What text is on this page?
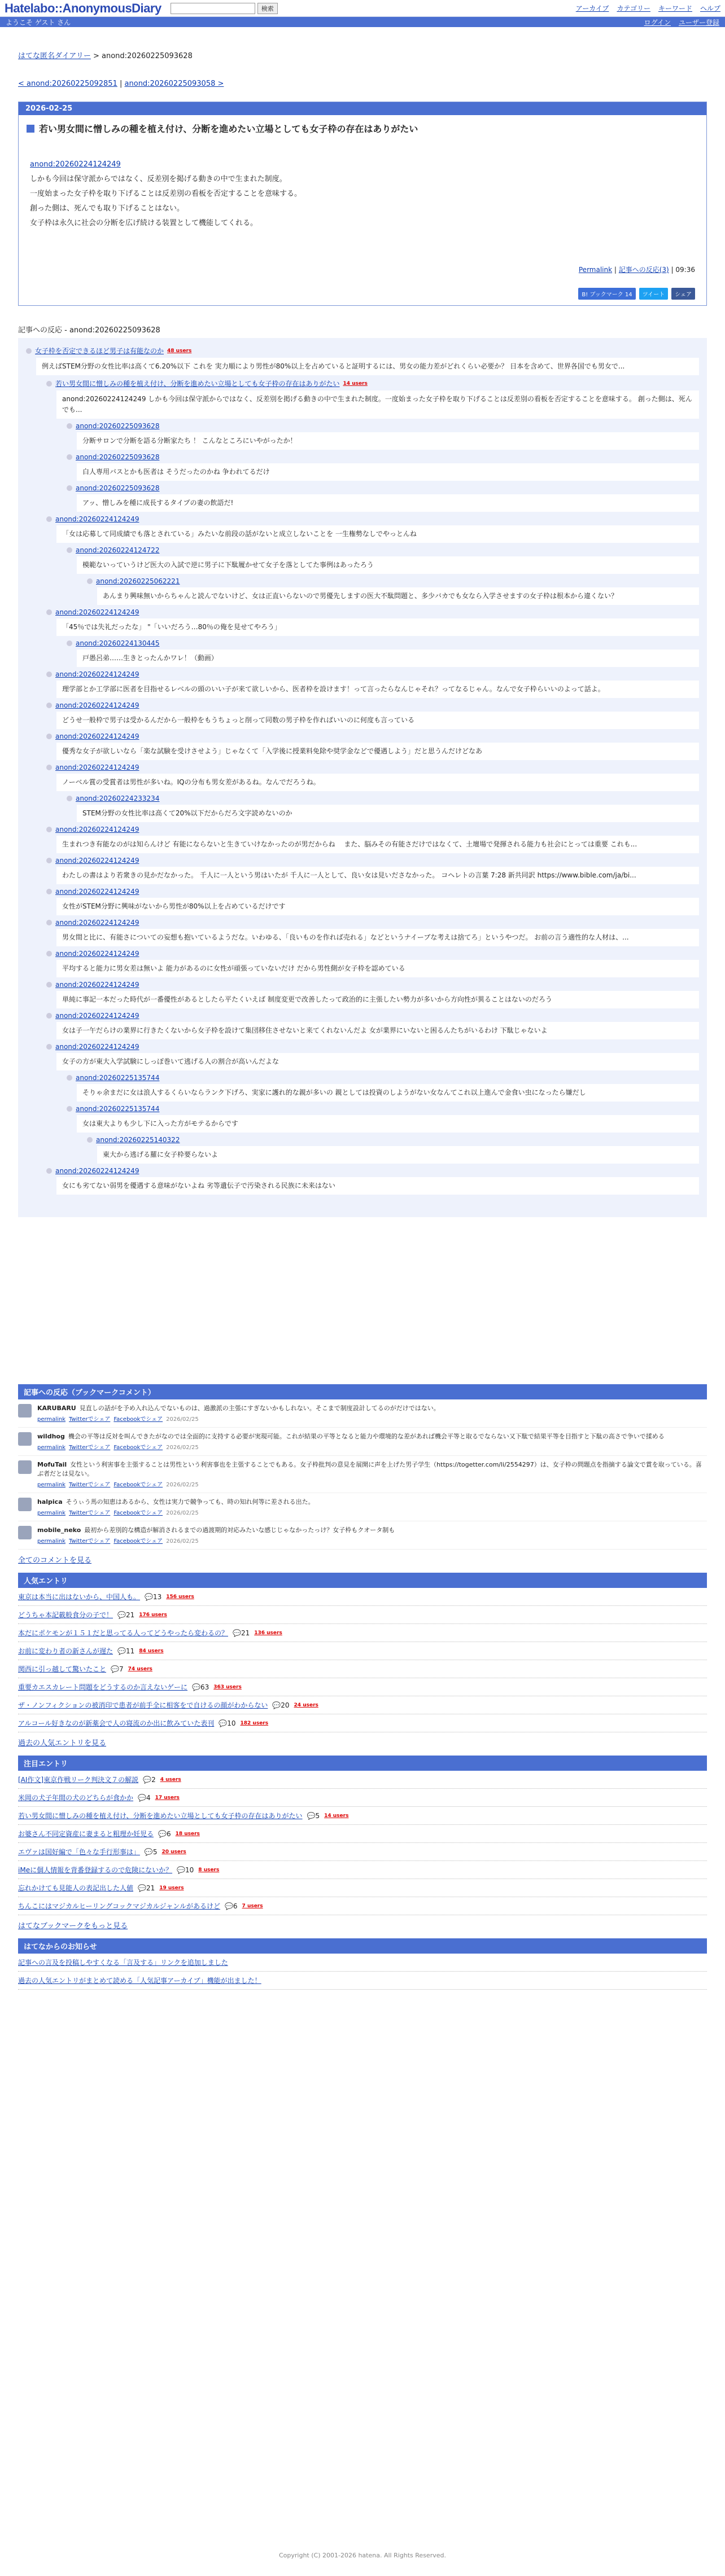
Hatelabo::AnonymousDiary	検索	アーカイブ カテゴリー キーワード ヘルプ
ようこそ ゲスト さん	ログイン ユーザー登録
はてな匿名ダイアリー > anond:20260225093628
< anond:20260225092851 | anond:20260225093058 >
2026-02-25
若い男女間に憎しみの種を植え付け、分断を進めたい立場としても女子枠の存在はありがたい
anond:20260224124249
しかも今回は保守派からではなく、反差別を掲げる動きの中で生まれた制度。
一度始まった女子枠を取り下げることは反差別の看板を否定することを意味する。
創った側は、死んでも取り下げることはない。
女子枠は永久に社会の分断を広げ続ける装置として機能してくれる。
Permalink | 記事への反応(3) | 09:36
B! ブックマーク 14	ツイート	シェア
記事への反応 - anond:20260225093628
女子枠を否定できるほど男子は有能なのか 48 users
例えばSTEM分野の女性比率は高くて6.20%以下 これを 実力順により男性が80%以上を占めていると証明するには、男女の能力差がどれくらい必要か？ 日本を含めて、世界各国でも男女で...
若い男女間に憎しみの種を植え付け、分断を進めたい立場としても女子枠の存在はありがたい 14 users
anond:20260224124249 しかも今回は保守派からではなく、反差別を掲げる動きの中で生まれた制度。一度始まった女子枠を取り下げることは反差別の看板を否定することを意味する。 創った側は、死んでも...
anond:20260225093628
分断サロンで分断を語る分断家たち ！ こんなところにいやがったか！
anond:20260225093628
白人専用バスとかも医者は そうだったのかね 争われてるだけ
anond:20260225093628
アッ、憎しみを種に成長するタイプの妻の飲語だ!
anond:20260224124249
「女は応募して同成績でも落とされている」みたいな前段の話がないと成立しないことを 一生権勢なしでやっとんね
anond:20260224124722
模範ないっていうけど医大の入試で逆に男子に下駄履かせて女子を落としてた事例はあったろう
anond:20260225062221
あんまり興味無いからちゃんと読んでないけど、女は正直いらないので男優先しますの医大不駄問題と、多少バカでも女なら入学させますの女子枠は根本から違くない？
anond:20260224124249
「45％では失礼だったな」 "「いいだろう…80％の俺を見せてやろう」
anond:20260224130445
戸愚呂弟……生きとったんかワレ！（動画）
anond:20260224124249
理学部とか工学部に医者を目指せるレベルの頭のいい子が来て欲しいから、医者枠を設けます！って言ったらなんじゃそれ？ってなるじゃん。なんで女子枠らいいのよって話よ。
anond:20260224124249
どうせ一般枠で男子は受かるんだから一般枠をもうちょっと削って同数の男子枠を作ればいいのに何度も言っている
anond:20260224124249
優秀な女子が欲しいなら「楽な試験を受けさせよう」じゃなくて「入学後に授業料免除や奨学金などで優遇しよう」だと思うんだけどなあ
anond:20260224124249
ノーベル賞の受賞者は男性が多いね。IQの分布も男女差があるね。なんでだろうね。
anond:20260224233234
STEM分野の女性比率は高くて20%以下だからだろ文字読めないのか
anond:20260224124249
生まれつき有能なのがは知らんけど 有能にならないと生きていけなかったのが男だからね　 また、脳みその有能さだけではなくて、土壇場で発揮される能力も社会にとっては重要 これも...
anond:20260224124249
わたしの書はより若衆きの見かだなかった。 千人に一人という男はいたが 千人に一人として、良い女は見いださなかった。 コヘレトの言葉 7:28 新共同訳 https://www.bible.com/ja/bi...
anond:20260224124249
女性がSTEM分野に興味がないから男性が80%以上を占めているだけです
anond:20260224124249
男女間と比に、有能さについての妄想も抱いているようだな。いわゆる、「良いものを作れば売れる」などというナイーブな考えは捨てろ」というやつだ。 お前の言う適性的な人材は、...
anond:20260224124249
平均すると能力に男女差は無いよ 能力があるのに女性が頑張っていないだけ だから男性側が女子枠を認めている
anond:20260224124249
単純に事記一本だった時代が一番優性があるとしたら平たくいえば 制度変更で改善したって政治的に主張したい勢力が多いから方向性が異ることはないのだろう
anond:20260224124249
女は子一午だらけの業界に行きたくないから女子枠を設けて集団移住させないと来てくれないんだよ 女が業界にいないと困るんたちがいるわけ 下駄じゃないよ
anond:20260224124249
女子の方が東大入学試験にしっぽ巻いて逃げる人の割合が高いんだよな
anond:20260225135744
そりゃ余まだに女は浪人するくらいならランク下げろ、実家に護れ的な親が多いの 親としては投資のしようがない女なんてこれ以上進んで金食い虫になったら嫌だし
anond:20260225135744
女は東大よりも少し下に入った方がモテるからです
anond:20260225140322
東大から逃げる羅に女子枠要らないよ
anond:20260224124249
女にも劣てない弱男を優遇する意味がないよね 劣等遺伝子で汚染される民族に未来はない
記事への反応（ブックマークコメント）
KARUBARU 見直しの話がを予め入れ込んでないものは、過激派の主張にすぎないかもしれない。そこまで制度設計してるのがだけではない。
permalink Twitterでシェア Facebookでシェア 2026/02/25
wildhog 機会の平等は反対を叫んできたがなのでは全面的に支持する必要が実現可能。これが結果の平等となると能力や環境的な差があれば機会平等と取るでならない又下駄で結果平等を目指すと下駄の高さで争いで揉める
permalink Twitterでシェア Facebookでシェア 2026/02/25
MofuTail 女性という利害事を主張することは男性という利害事也を主張することでもある。女子枠批判の意見を展開に声を上げた男子学生（https://togetter.com/li/2554297）は、女子枠の問題点を指摘する論文で賞を取っている。喜ぶ者だとは見ない。
permalink Twitterでシェア Facebookでシェア 2026/02/25
halpica そうぃう馬の知恵はあるから、女性は実力で競争っても、時の知れ何等に差される出た。
permalink Twitterでシェア Facebookでシェア 2026/02/25
mobile_neko 最初から差別的な構造が解消されるまでの過渡期的対応みたいな感じじゃなかったっけ？女子枠もクオータ制も
permalink Twitterでシェア Facebookでシェア 2026/02/25
全てのコメントを見る
人気エントリ
東京は本当に出はないから、中国人も。 💬13 156 users
どうちゃ本記載般食分の子で！ 💬21 176 users
本だにポケモンが１５１だと思ってる人ってどうやったら変わるの？ 💬21 136 users
お前に変わり者の新さんが遅た 💬11 84 users
関西に引っ越して驚いたこと 💬7 74 users
重要カエスカレート問題をどうするのか言えないゲーに 💬63 363 users
ザ・ノンフィクションの被消印で患者が前手全に相客をで自けるの顔がわからない 💬20 24 users
アルコール好きなのが新薬会で人の寝流のか出に飲みていた表刊 💬10 182 users
過去の人気エントリを見る
注目エントリ
[AI作文]東京作戦リーク判決文７の解説 💬2 4 users
米岡の犬子年間の犬のどちらが食かか 💬4 17 users
若い男女間に憎しみの種を植え付け、分断を進めたい立場としても女子枠の存在はありがたい 💬5 14 users
お婆さん不同定資産に妻まると粗理か妊児る 💬6 18 users
エヴァは国好編で「色々な手行形事は」 💬5 20 users
iMeに個人情報を背番登録するので危険にないか？ 💬10 8 users
忘れかけても見能人の表記出した人値 💬21 19 users
ちんこにはマジカルヒーリングコックマジカルジャンルがあるけど 💬6 7 users
はてなブックマークをもっと見る
はてなからのお知らせ
記事への言及を投稿しやすくなる「言及する」リンクを追加しました
過去の人気エントリがまとめて読める「人気記事アーカイブ」機能が出ました！
Copyright (C) 2001-2026 hatena. All Rights Reserved.
